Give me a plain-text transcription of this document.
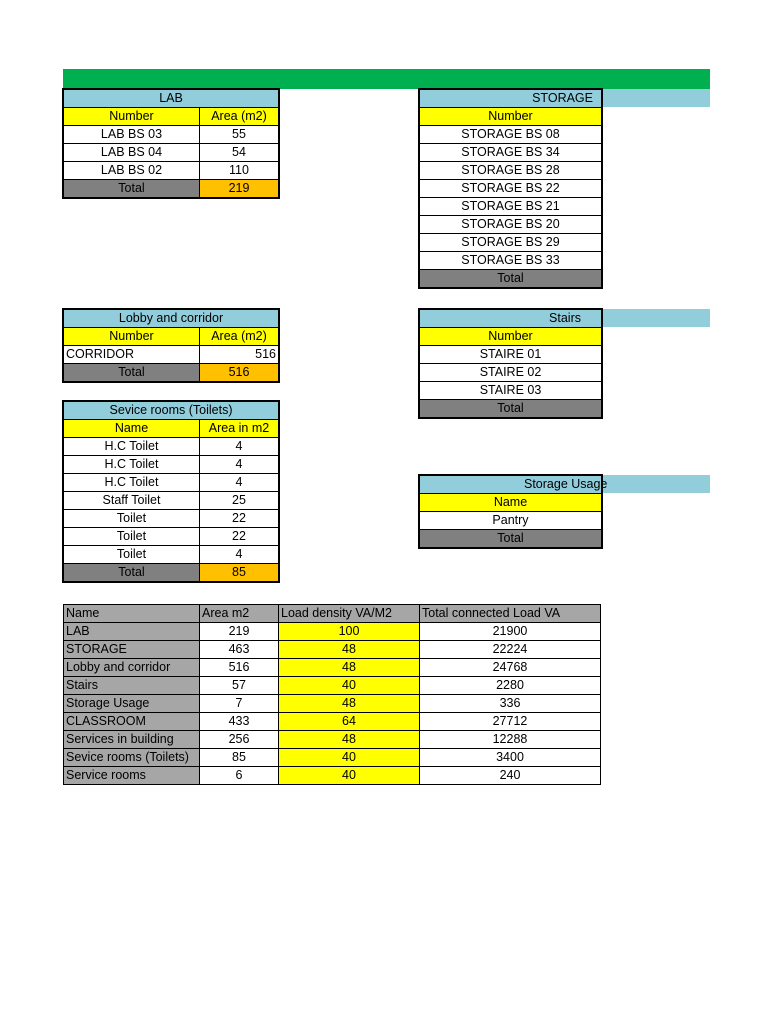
LAB	
Number	Area (m2)
LAB BS 03	55
LAB BS 04	54
LAB BS 02	110
Total	219
STORAGE
Number
STORAGE BS 08
STORAGE BS 34
STORAGE BS 28
STORAGE BS 22
STORAGE BS 21
STORAGE BS 20
STORAGE BS 29
STORAGE BS 33
Total
Lobby and corridor	
Number	Area (m2)
CORRIDOR	516
Total	516
Stairs
Number
STAIRE 01
STAIRE 02
STAIRE 03
Total
Sevice rooms (Toilets)	
Name	Area in m2
H.C Toilet	4
H.C Toilet	4
H.C Toilet	4
Staff Toilet	25
Toilet	22
Toilet	22
Toilet	4
Total	85
Storage Usage
Name
Pantry
Total
Name	Area m2	Load density VA/M2	Total connected Load VA
LAB	219	100	21900
STORAGE	463	48	22224
Lobby and corridor	516	48	24768
Stairs	57	40	2280
Storage Usage	7	48	336
CLASSROOM	433	64	27712
Services in building	256	48	12288
Sevice rooms (Toilets)	85	40	3400
Service rooms	6	40	240
